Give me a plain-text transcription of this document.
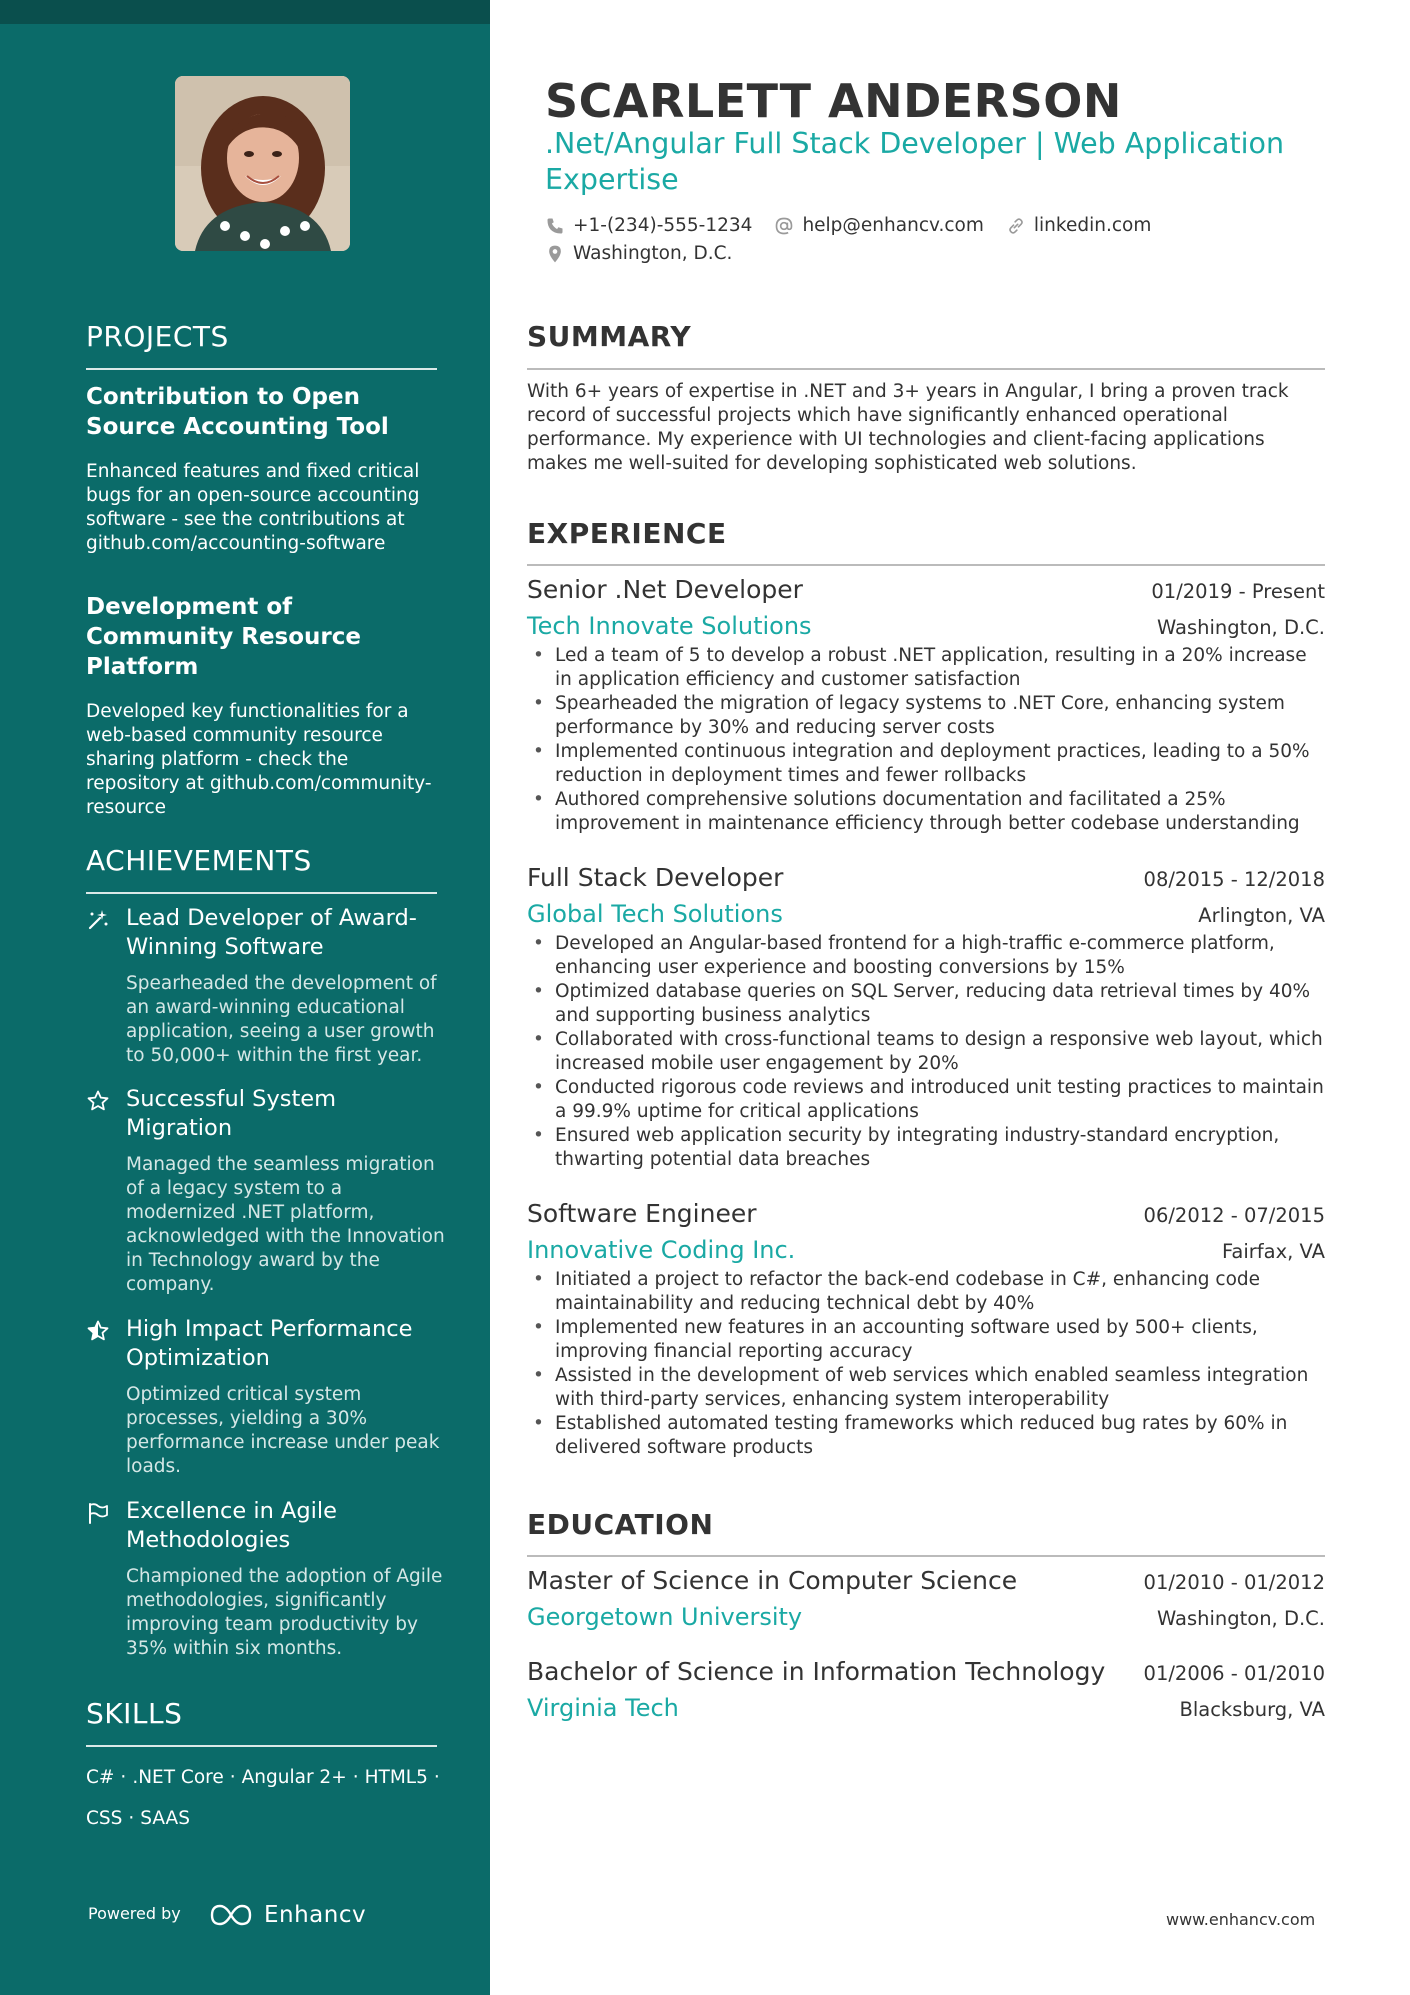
PROJECTS
Contribution to Open Source Accounting Tool
Enhanced features and fixed critical bugs for an open-source accounting software - see the contributions at github.com/accounting-software
Development of Community Resource Platform
Developed key functionalities for a web-based community resource sharing platform - check the repository at github.com/community-resource
ACHIEVEMENTS
Lead Developer of Award-Winning Software
Spearheaded the development of an award-winning educational application, seeing a user growth to 50,000+ within the first year.
Successful System Migration
Managed the seamless migration of a legacy system to a modernized .NET platform, acknowledged with the Innovation in Technology award by the company.
High Impact Performance Optimization
Optimized critical system processes, yielding a 30% performance increase under peak loads.
Excellence in Agile Methodologies
Championed the adoption of Agile methodologies, significantly improving team productivity by 35% within six months.
SKILLS
C# · .NET Core · Angular 2+ · HTML5 ·
CSS · SAAS
Powered by	Enhancv
SCARLETT ANDERSON
.Net/Angular Full Stack Developer | Web Application Expertise
+1-(234)-555-1234	help@enhancv.com	linkedin.com
Washington, D.C.
SUMMARY

With 6+ years of expertise in .NET and 3+ years in Angular, I bring a proven track record of successful projects which have significantly enhanced operational performance. My experience with UI technologies and client-facing applications makes me well-suited for developing sophisticated web solutions.

EXPERIENCE
Senior .Net Developer	01/2019 - Present
Tech Innovate Solutions	Washington, D.C.
• Led a team of 5 to develop a robust .NET application, resulting in a 20% increase in application efficiency and customer satisfaction
• Spearheaded the migration of legacy systems to .NET Core, enhancing system performance by 30% and reducing server costs
• Implemented continuous integration and deployment practices, leading to a 50% reduction in deployment times and fewer rollbacks
• Authored comprehensive solutions documentation and facilitated a 25% improvement in maintenance efficiency through better codebase understanding
Full Stack Developer	08/2015 - 12/2018
Global Tech Solutions	Arlington, VA
• Developed an Angular-based frontend for a high-traffic e-commerce platform, enhancing user experience and boosting conversions by 15%
• Optimized database queries on SQL Server, reducing data retrieval times by 40% and supporting business analytics
• Collaborated with cross-functional teams to design a responsive web layout, which increased mobile user engagement by 20%
• Conducted rigorous code reviews and introduced unit testing practices to maintain a 99.9% uptime for critical applications
• Ensured web application security by integrating industry-standard encryption, thwarting potential data breaches
Software Engineer	06/2012 - 07/2015
Innovative Coding Inc.	Fairfax, VA
• Initiated a project to refactor the back-end codebase in C#, enhancing code maintainability and reducing technical debt by 40%
• Implemented new features in an accounting software used by 500+ clients, improving financial reporting accuracy
• Assisted in the development of web services which enabled seamless integration with third-party services, enhancing system interoperability
• Established automated testing frameworks which reduced bug rates by 60% in delivered software products
EDUCATION
Master of Science in Computer Science	01/2010 - 01/2012
Georgetown University	Washington, D.C.
Bachelor of Science in Information Technology 01/2006 - 01/2010
Virginia Tech	Blacksburg, VA
www.enhancv.com
